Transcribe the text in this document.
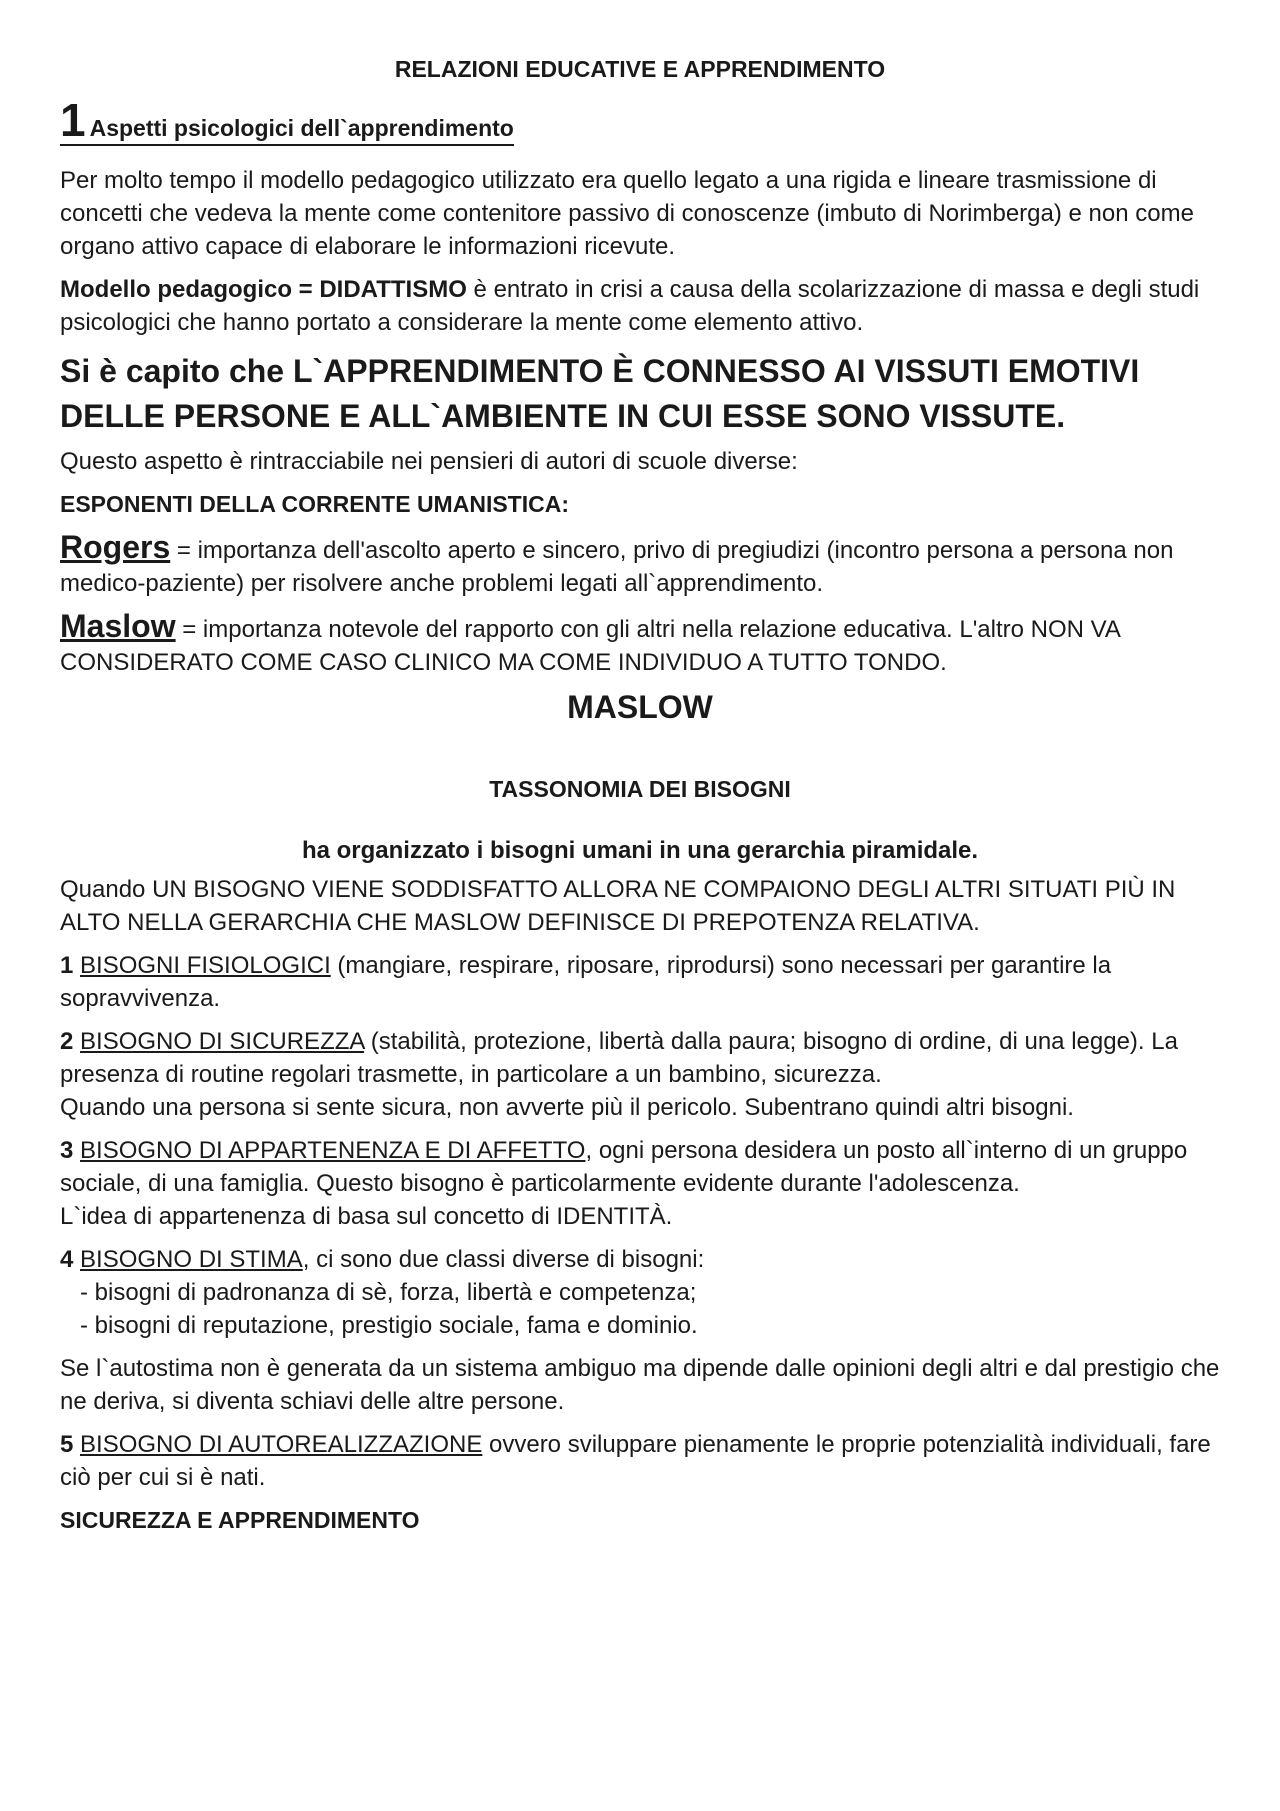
RELAZIONI EDUCATIVE E APPRENDIMENTO

1 Aspetti psicologici dell`apprendimento

Per molto tempo il modello pedagogico utilizzato era quello legato a una rigida e lineare trasmissione di concetti che vedeva la mente come contenitore passivo di conoscenze (imbuto di Norimberga) e non come organo attivo capace di elaborare le informazioni ricevute.

Modello pedagogico = DIDATTISMO è entrato in crisi a causa della scolarizzazione di massa e degli studi psicologici che hanno portato a considerare la mente come elemento attivo.

Si è capito che L`APPRENDIMENTO È CONNESSO AI VISSUTI EMOTIVI DELLE PERSONE E ALL`AMBIENTE IN CUI ESSE SONO VISSUTE.

Questo aspetto è rintracciabile nei pensieri di autori di scuole diverse:

ESPONENTI DELLA CORRENTE UMANISTICA:

Rogers = importanza dell'ascolto aperto e sincero, privo di pregiudizi (incontro persona a persona non medico-paziente) per risolvere anche problemi legati all`apprendimento.

Maslow = importanza notevole del rapporto con gli altri nella relazione educativa. L'altro NON VA CONSIDERATO COME CASO CLINICO MA COME INDIVIDUO A TUTTO TONDO.

MASLOW

TASSONOMIA DEI BISOGNI

ha organizzato i bisogni umani in una gerarchia piramidale.

Quando UN BISOGNO VIENE SODDISFATTO ALLORA NE COMPAIONO DEGLI ALTRI SITUATI PIÙ IN ALTO NELLA GERARCHIA CHE MASLOW DEFINISCE DI PREPOTENZA RELATIVA.

1 BISOGNI FISIOLOGICI (mangiare, respirare, riposare, riprodursi) sono necessari per garantire la sopravvivenza.

2 BISOGNO DI SICUREZZA (stabilità, protezione, libertà dalla paura; bisogno di ordine, di una legge). La presenza di routine regolari trasmette, in particolare a un bambino, sicurezza.

Quando una persona si sente sicura, non avverte più il pericolo. Subentrano quindi altri bisogni.

3 BISOGNO DI APPARTENENZA E DI AFFETTO, ogni persona desidera un posto all`interno di un gruppo sociale, di una famiglia. Questo bisogno è particolarmente evidente durante l'adolescenza.

L`idea di appartenenza di basa sul concetto di IDENTITÀ.

4 BISOGNO DI STIMA, ci sono due classi diverse di bisogni:

- bisogni di padronanza di sè, forza, libertà e competenza;

- bisogni di reputazione, prestigio sociale, fama e dominio.

Se l`autostima non è generata da un sistema ambiguo ma dipende dalle opinioni degli altri e dal prestigio che ne deriva, si diventa schiavi delle altre persone.

5 BISOGNO DI AUTOREALIZZAZIONE ovvero sviluppare pienamente le proprie potenzialità individuali, fare ciò per cui si è nati.

SICUREZZA E APPRENDIMENTO
